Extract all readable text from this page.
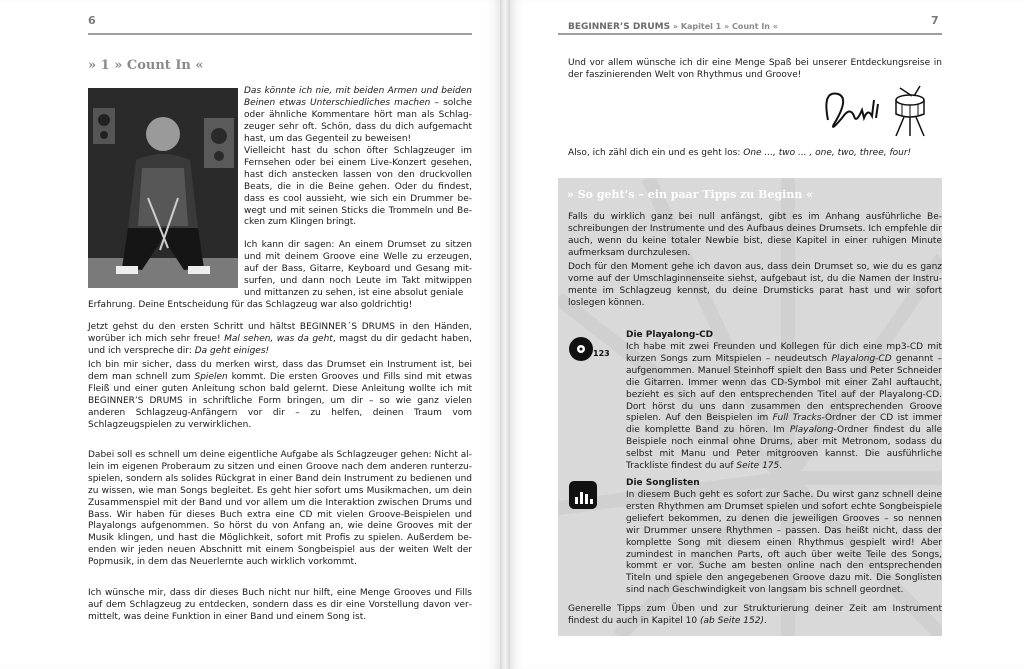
6
» 1 » Count In «

Das könnte ich nie, mit beiden Armen und beiden Beinen etwas Unterschiedliches machen – solche oder ähnliche Kommentare hört man als Schlagzeuger sehr oft. Schön, dass du dich aufgemacht hast, um das Gegenteil zu beweisen!

Vielleicht hast du schon öfter Schlagzeuger im Fernsehen oder bei einem Live-Konzert gesehen, hast dich anstecken lassen von den druckvollen Beats, die in die Beine gehen. Oder du findest, dass es cool aussieht, wie sich ein Drummer bewegt und mit seinen Sticks die Trommeln und Becken zum Klingen bringt.

Ich kann dir sagen: An einem Drumset zu sitzen und mit deinem Groove eine Welle zu erzeugen, auf der Bass, Gitarre, Keyboard und Gesang mitsurfen, und dann noch Leute im Takt mitwippen und mittanzen zu sehen, ist eine absolut geniale

Erfahrung. Deine Entscheidung für das Schlagzeug war also goldrichtig!

Jetzt gehst du den ersten Schritt und hältst BEGINNER´S DRUMS in den Händen, worüber ich mich sehr freue! Mal sehen, was da geht, magst du dir gedacht haben, und ich verspreche dir: Da geht einiges!

Ich bin mir sicher, dass du merken wirst, dass das Drumset ein Instrument ist, bei dem man schnell zum Spielen kommt. Die ersten Grooves und Fills sind mit etwas Fleiß und einer guten Anleitung schon bald gelernt. Diese Anleitung wollte ich mit BEGINNER’S DRUMS in schriftliche Form bringen, um dir – so wie ganz vielen anderen Schlagzeug-Anfängern vor dir – zu helfen, deinen Traum vom Schlagzeugspielen zu verwirklichen.

Dabei soll es schnell um deine eigentliche Aufgabe als Schlagzeuger gehen: Nicht allein im eigenen Proberaum zu sitzen und einen Groove nach dem anderen runterzuspielen, sondern als solides Rückgrat in einer Band dein Instrument zu bedienen und zu wissen, wie man Songs begleitet. Es geht hier sofort ums Musikmachen, um dein Zusammenspiel mit der Band und vor allem um die Interaktion zwischen Drums und Bass. Wir haben für dieses Buch extra eine CD mit vielen Groove-Beispielen und Playalongs aufgenommen. So hörst du von Anfang an, wie deine Grooves mit der Musik klingen, und hast die Möglichkeit, sofort mit Profis zu spielen. Außerdem beenden wir jeden neuen Abschnitt mit einem Songbeispiel aus der weiten Welt der Popmusik, in dem das Neuerlernte auch wirklich vorkommt.

Ich wünsche mir, dass dir dieses Buch nicht nur hilft, eine Menge Grooves und Fills auf dem Schlagzeug zu entdecken, sondern dass es dir eine Vorstellung davon vermittelt, was deine Funktion in einer Band und einem Song ist.

BEGINNER’S DRUMS » Kapitel 1 » Count In «	7

Und vor allem wünsche ich dir eine Menge Spaß bei unserer Entdeckungsreise in der faszinierenden Welt von Rhythmus und Groove!

Also, ich zähl dich ein und es geht los: One ..., two ... , one, two, three, four!

» So geht’s – ein paar Tipps zu Beginn «

Falls du wirklich ganz bei null anfängst, gibt es im Anhang ausführliche Beschreibungen der Instrumente und des Aufbaus deines Drumsets. Ich empfehle dir auch, wenn du keine totaler Newbie bist, diese Kapitel in einer ruhigen Minute aufmerksam durchzulesen.

Doch für den Moment gehe ich davon aus, dass dein Drumset so, wie du es ganz vorne auf der Umschlaginnenseite siehst, aufgebaut ist, du die Namen der Instrumente im Schlagzeug kennst, du deine Drumsticks parat hast und wir sofort loslegen können.

123
Die Playalong-CD

Ich habe mit zwei Freunden und Kollegen für dich eine mp3-CD mit kurzen Songs zum Mitspielen – neudeutsch Playalong-CD genannt – aufgenommen. Manuel Steinhoff spielt den Bass und Peter Schneider die Gitarren. Immer wenn das CD-Symbol mit einer Zahl auftaucht, bezieht es sich auf den entsprechenden Titel auf der Playalong-CD. Dort hörst du uns dann zusammen den entsprechenden Groove spielen. Auf den Beispielen im Full Tracks-Ordner der CD ist immer die komplette Band zu hören. Im Playalong-Ordner findest du alle Beispiele noch einmal ohne Drums, aber mit Metronom, sodass du selbst mit Manu und Peter mitgrooven kannst. Die ausführliche Trackliste findest du auf Seite 175.

Die Songlisten

In diesem Buch geht es sofort zur Sache. Du wirst ganz schnell deine ersten Rhythmen am Drumset spielen und sofort echte Songbeispiele geliefert bekommen, zu denen die jeweiligen Grooves – so nennen wir Drummer unsere Rhythmen – passen. Das heißt nicht, dass der komplette Song mit diesem einen Rhythmus gespielt wird! Aber zumindest in manchen Parts, oft auch über weite Teile des Songs, kommt er vor. Suche am besten online nach den entsprechenden Titeln und spiele den angegebenen Groove dazu mit. Die Songlisten sind nach Geschwindigkeit von langsam bis schnell geordnet.

Generelle Tipps zum Üben und zur Strukturierung deiner Zeit am Instrument findest du auch in Kapitel 10 (ab Seite 152).
